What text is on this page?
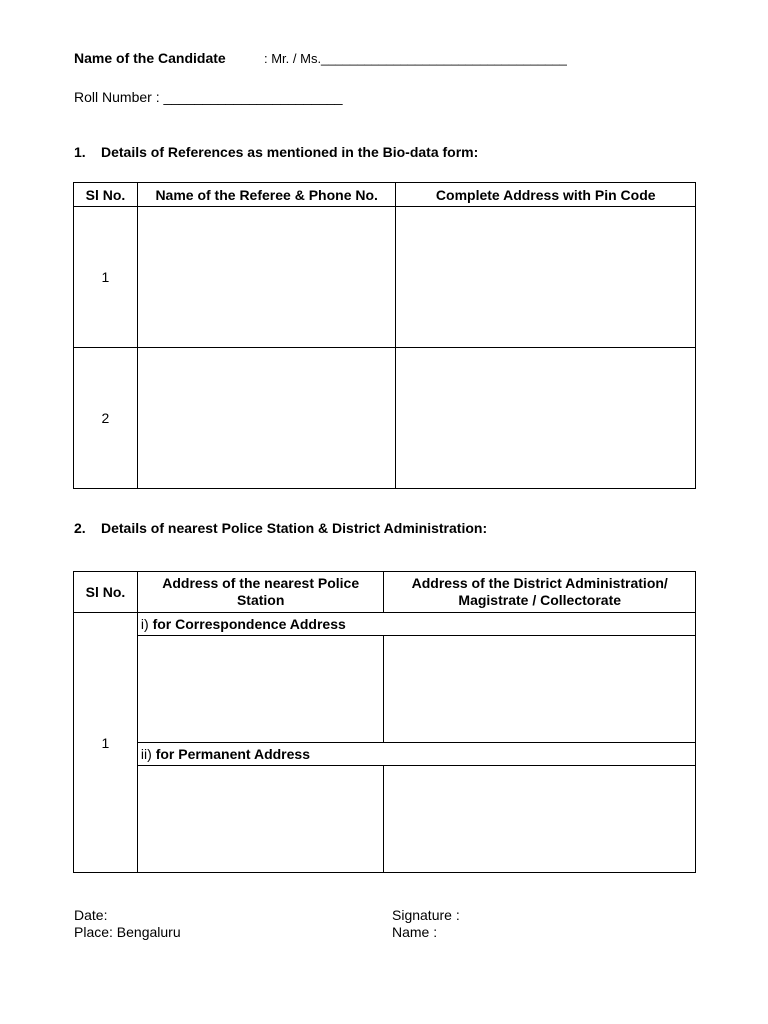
Name of the Candidate	: Mr. / Ms.__________________________________
Roll Number : _______________________
1. Details of References as mentioned in the Bio-data form:
Sl No.	Name of the Referee & Phone No.	Complete Address with Pin Code
1		
2		
2. Details of nearest Police Station & District Administration:
Sl No.	Address of the nearest Police Station	Address of the District Administration/ Magistrate / Collectorate
1	i) for Correspondence Address	

	ii) for Permanent Address	

Date:
Place: Bengaluru
Signature :
Name :
